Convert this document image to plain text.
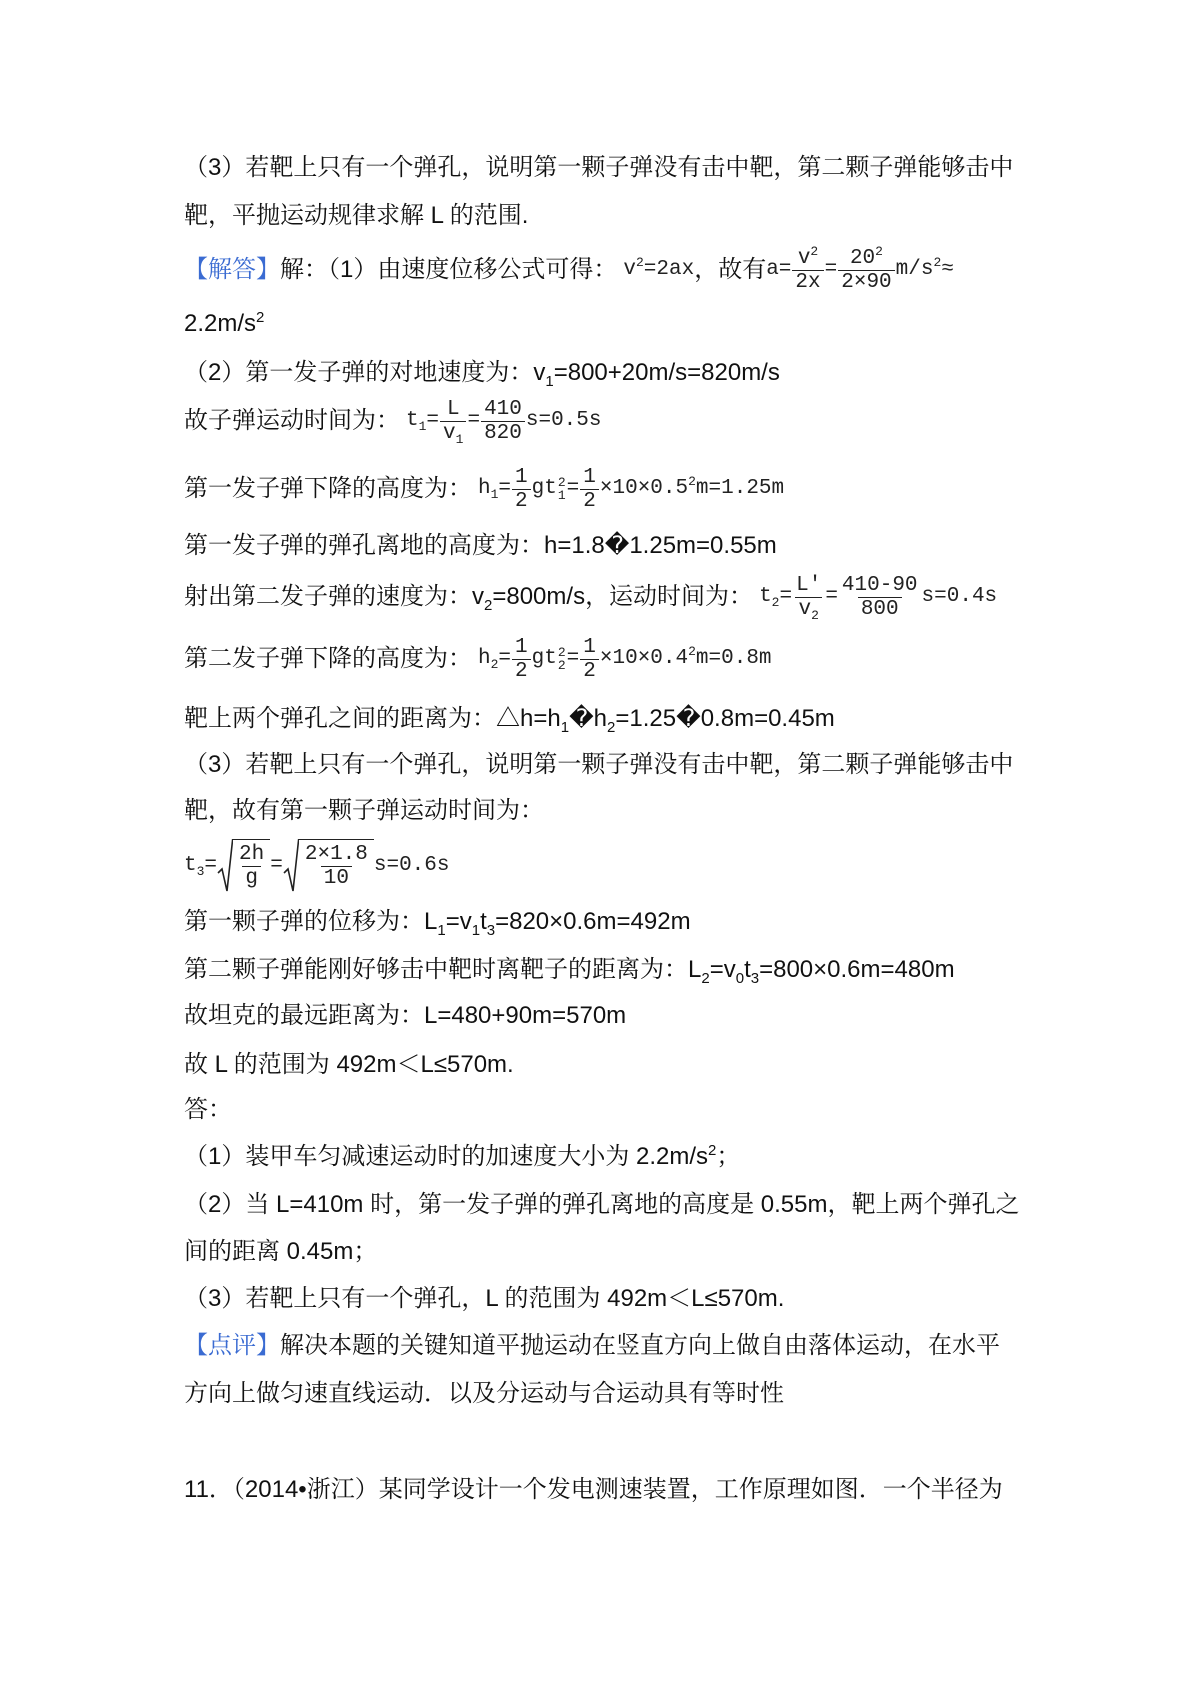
（3）若靶上只有一个弹孔，说明第一颗子弹没有击中靶，第二颗子弹能够击中
靶，平抛运动规律求解 L 的范围.
【解答】 解：（1）由速度位移公式可得： $v^2=2ax$ ，故有 $a= \frac{v^2}{2x} = \frac{20^2}{2\times 90} m/s^2\approx$
$2.2m/s^2$
（2）第一发子弹的对地速度为：$v_1=800+20m/s=820m/s$
故子弹运动时间为： $t_1= \frac{L}{v_1} = \frac{410}{820} s=0.5s$
第一发子弹下降的高度为： $h_1= \frac{1}{2}$ gt 2
$1 = \frac{1}{2} \times 10\times 0.5^2m=1.25m$
第一发子弹的弹孔离地的高度为：h=1.8�1.25m=0.55m
射出第二发子弹的速度为：$v_2=800m/s$，运动时间为： $t_2= \frac{L'}{v_2} = \frac{410-90}{800} s=0.4s$
第二发子弹下降的高度为： $h_2= \frac{1}{2}$ gt 2
$2 = \frac{1}{2} \times 10\times 0.4^2m=0.8m$
靶上两个弹孔之间的距离为：$\triangle h=h_1�h_2=1.25�0.8m=0.45m$
（3）若靶上只有一个弹孔，说明第一颗子弹没有击中靶，第二颗子弹能够击中
靶，故有第一颗子弹运动时间为：
$t_3= \frac{2h}{g} = \frac{2\times 1.8}{10} s=0.6s$
第一颗子弹的位移为：$L_1=v_1t_3=820\times 0.6m=492m$
第二颗子弹能刚好够击中靶时离靶子的距离为：$L_2=v_0t_3=800\times 0.6m=480m$
故坦克的最远距离为：L=480+90m=570m
故 L 的范围为 492m＜L≤570m.
答：
（1）装甲车匀减速运动时的加速度大小为 $2.2m/s^2$；
（2）当 L=410m 时，第一发子弹的弹孔离地的高度是 0.55m，靶上两个弹孔之
间的距离 0.45m；
（3）若靶上只有一个弹孔，L 的范围为 492m＜L≤570m.
【点评】 解决本题的关键知道平抛运动在竖直方向上做自由落体运动，在水平
方向上做匀速直线运动．以及分运动与合运动具有等时性
11．（2014•浙江）某同学设计一个发电测速装置，工作原理如图．一个半径为
